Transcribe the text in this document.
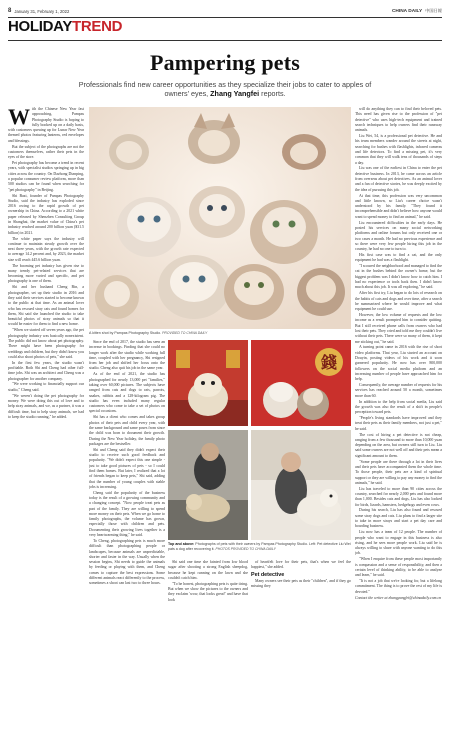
8 January 31, February 1, 2022	CHINA DAILY 中国日報
HOLIDAYTREND
Pampering pets
Professionals find new career opportunities as they specialize their jobs to cater to apples of owners' eyes, Zhang Yangfei reports.
W ith the Chinese New Year fast approaching, Pampas Photography Studio is hoping to fully booked up on a daily basis, with customers queuing up for Lunar New Year themed photos featuring lanterns, red envelopes and blessings.

But the subject of the photographs are not the customers themselves, rather their pets in the eyes of the store.

Pet photography has become a trend in recent years, with specialist studios springing up in big cities across the country. On Dazhong Dianping, a popular consumer review platform, more than 500 studios can be found when searching for "pet photography" in Beijing.

Shi Bazi, founder of Pampas Photography Studio, said the industry has exploded since 2016 owing to the rapid growth of pet ownership in China. According to a 2021 white paper released by Shenzhen Consulting Group in Shanghai, the market value of China's pet industry reached around 200 billion yuan ($31.5 billion) in 2021.

The white paper says the industry will continue to maintain steady growth over the next three years, with the growth rate expected to average 14.2 percent and, by 2023, the market size will reach 445.6 billion yuan.

The booming pet industry has given rise to many trendy pet-related services that are becoming more varied and specific, and pet photography is one of them.

Shi and her husband Cheng Bin, a photographer, set up their studio in 2016 and they said their services started to become known to the public at that time. As an animal lover who has rescued stray cats and found homes for them, Shi said she launched the studio to take beautiful photos of stray animals so that it would be easier for them to find a new home.

"When we started off seven years ago, the pet photography industry was basically nonexistent. The public did not know about pet photography. There might have been photography for weddings and children, but they didn't know you could also shoot photos of pets," she said.

In the first few years, the studio wasn't profitable. Both Shi and Cheng had other full-time jobs. Shi was an architect and Cheng was a photographer for another company.

"We were working to financially support our studio," Cheng said.

"We weren't doing the pet photography for money. We were doing this out of love and to help stray animals, and we, as a partner, it was a difficult time, but to help stray animals, we had to keep the studio running," he added.

A kitten shot by Pampas Photography Studio. PROVIDED TO CHINA DAILY

Since the end of 2017, the studio has seen an increase in bookings. Finding that she could no longer work after the studio while working full time, coupled with her pregnancy, Shi resigned from her job and shifted her focus onto the studio. Cheng also quit his job in the same year.

As of the end of 2021, the studio has photographed for nearly 13,000 pet "families," taking over 60,000 pictures. The subjects have ranged from cats and dogs to rats, parrots, snakes, rabbits and a 128-kilogram pig. The studio has even included many regular customers who come to take a set of photos on special occasions.

Shi has a client who comes and takes group photos of their pets and child every year, with the same background and same poses from since the child was born to document their growth. During the New Year holiday, the family photo packages are the bestseller.

Shi and Cheng said they didn't expect their studio to receive such good feedback and popularity. "We didn't expect this one simple - just to take good pictures of pets - so I could find them homes. But later, I realized that a lot of friends began to keep pets," Shi said, adding that the number of young couples with stable jobs is increasing.

Cheng said the popularity of the business today is the result of a growing community and a changing concept. "Now people treat pets as part of the family. They are willing to spend more money on their pets. When we go home to family photographs, the volume has grown, especially those with children and pets. Documenting their growing lives together is a very heartwarming thing," he said.

To Cheng, photographing pets is much more difficult than photographing people or landscapes, because animals are unpredictable, shorter and faster in the way. Usually when the session begins, Shi needs to guide the animals by feeding or playing with them, and Cheng comes to capture the best expressions. Some different animals react differently to the process, sometimes a shoot can last two to three hours.

錢
Top and above: Photographs of pets with their owners by Pampas Photography Studio. Left: Pet detective Liu Wei pats a dog after recovering it. PHOTOS PROVIDED TO CHINA DAILY

Shi said one time she fainted from low blood sugar after shooting a strong English sheepdog, because he kept running on the lawn and she couldn't catch him.

"To be honest, photographing pets is quite tiring. But when we show the pictures to the owners and they exclaim 'wow, that looks great!' and have that look

of heartfelt love for their pets, that's when we feel the happiest," she added.

Pet detective

Many owners see their pets as their "children", and if they go missing they

will do anything they can to find their beloved pets. This need has given rise to the profession of "pet detective" who uses high-tech equipment and trained search techniques to help owners find their runaway animals.

Liu Wei, 54, is a professional pet detective. He and his team members wander around the streets at night, searching for bushes with flashlights, infrared cameras and life detectors. To find a missing pet, it's very common that they will walk tens of thousands of steps a day.

Liu was one of the earliest in China to enter the pet detective business. In 2013, he came across an article from overseas about pet detectives. As an animal lover and a fan of detective stories, he was deeply excited by the idea of pursuing this job.

At that time, this profession was very uncommon and little known, so Liu's career choice wasn't understood by his family. "They found it incomprehensible and didn't believe how anyone would want to spend money to find an animal," he said.

Liu encountered difficulties in the early days. He posted his services on many social networking platforms and online forums but only received one or two cases a month. He had no previous experience and so there were very few people hiring this job in the country, he had no one to turn to.

His first case was to find a cat, and the only equipment he had was a flashlight.

"I scoured the neighborhood and managed to find the cat in the bushes behind the owner's home, but the biggest problem was I didn't know how to catch him. I had no experience or tools back then. I didn't know much about this job. It was all exploring," he said.

After his first try, Liu began to do lots of research on the habits of cats and dogs and over time, after a search he summarized where he would improve and what equipment he could use.

However, the low volume of requests and the low income as a result prompted him to consider quitting. But I still received phone calls from owners who had lost their pets. They cried and told me they couldn't live without their pets. There were so many of them, it kept me sticking out," he said.

A turning point came in 2016 with the rise of short video platforms. That year, Liu started an account on Douyin, posting videos of his work and it soon garnered popularity. He now has over 800,000 followers on the social media platform and an increasing number of people have approached him for help.

Consequently, the average number of requests for his services has reached around 50 a month, sometimes more than 60.

In addition to the help from social media, Liu said the growth was also the result of a shift in people's perception toward pets.

"People's living standards have improved and they treat their pets as their family members, not just a pet," he said.

The cost of hiring a pet detective is not cheap, ranging from a few thousand to more than 10,000 yuan depending on the area, but owners still turn to Liu. Liu said some owners are not well off and their pets mean a significant amount to them.

"Some people are there through a lot in their lives and their pets have accompanied them the whole time. To those people, their pets are a kind of spiritual support or they are willing to pay any money to find the animals," he said.

Liu has traveled to more than 90 cities across the country, searched for nearly 2,000 pets and found more than 1,000. Besides cats and dogs, Liu has also looked for birds, lizards, hamsters, hedgehogs and even cows.

During his search, Liu has also found and rescued some stray dogs and cats. Liu plans to find a larger site to take in more strays and start a pet day care and boarding business.

Liu now has a team of 12 people. The number of people who want to engage in this business is also rising, and he sees more people work. Liu said he is always willing to share with anyone wanting to do this job.

"When I enquire from these people most importantly is compassion and a sense of responsibility, and then a certain level of thinking ability, to be able to analyze and learn," he said.

"It is not a job that we're looking for, but a lifelong commitment. The thing is to prove the rest of my life is devoted."

Contact the writer at zhangyangfei@chinadaily.com.cn
